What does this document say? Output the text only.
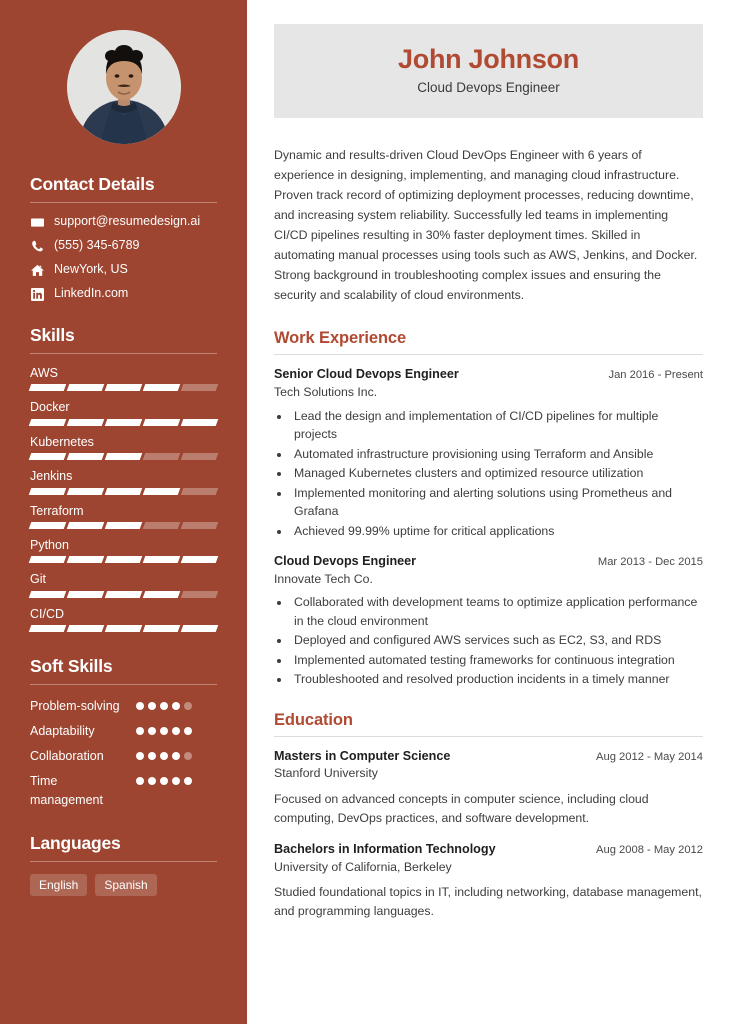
Contact Details
support@resumedesign.ai
(555) 345-6789
NewYork, US
LinkedIn.com
Skills
AWS
Docker
Kubernetes
Jenkins
Terraform
Python
Git
CI/CD
Soft Skills
Problem-solving
Adaptability
Collaboration
Time management
Languages
English	Spanish
John Johnson
Cloud Devops Engineer

Dynamic and results-driven Cloud DevOps Engineer with 6 years of experience in designing, implementing, and managing cloud infrastructure. Proven track record of optimizing deployment processes, reducing downtime, and increasing system reliability. Successfully led teams in implementing CI/CD pipelines resulting in 30% faster deployment times. Skilled in automating manual processes using tools such as AWS, Jenkins, and Docker. Strong background in troubleshooting complex issues and ensuring the security and scalability of cloud environments.

Work Experience
Senior Cloud Devops Engineer	Jan 2016 - Present
Tech Solutions Inc.
• Lead the design and implementation of CI/CD pipelines for multiple projects
• Automated infrastructure provisioning using Terraform and Ansible
• Managed Kubernetes clusters and optimized resource utilization
• Implemented monitoring and alerting solutions using Prometheus and Grafana
• Achieved 99.99% uptime for critical applications
Cloud Devops Engineer	Mar 2013 - Dec 2015
Innovate Tech Co.
• Collaborated with development teams to optimize application performance in the cloud environment
• Deployed and configured AWS services such as EC2, S3, and RDS
• Implemented automated testing frameworks for continuous integration
• Troubleshooted and resolved production incidents in a timely manner
Education
Masters in Computer Science	Aug 2012 - May 2014
Stanford University
Focused on advanced concepts in computer science, including cloud computing, DevOps practices, and software development.
Bachelors in Information Technology	Aug 2008 - May 2012
University of California, Berkeley
Studied foundational topics in IT, including networking, database management, and programming languages.
